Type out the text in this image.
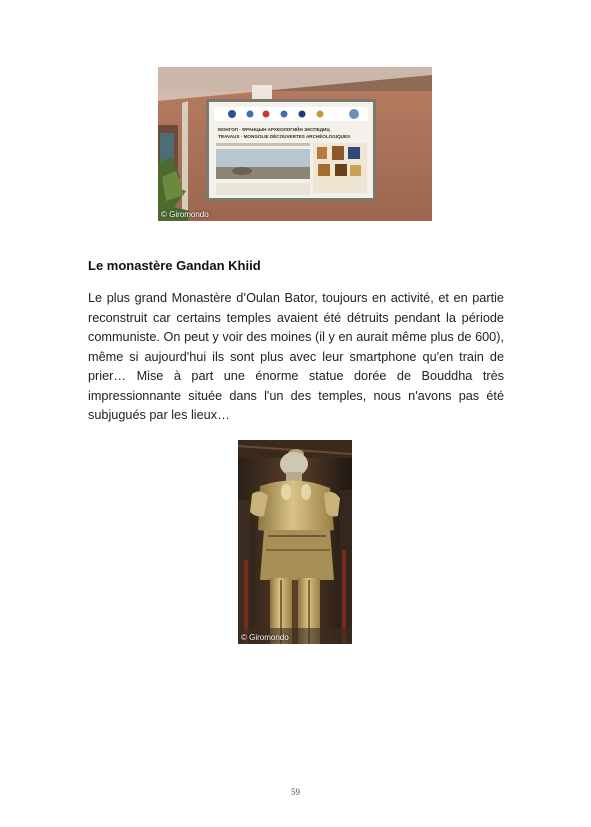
МОНГОЛ · ФРАНЦЫН АРХЕОЛОГИЙН ЭКСПЕДИЦ
TRAVAUX · MONGOLIE DÉCOUVERTES ARCHÉOLOGIQUES
© Giromondo
Le monastère Gandan Khiid

Le plus grand Monastère d’Oulan Bator, toujours en activité, et en partie reconstruit car certains temples avaient été détruits pendant la période communiste. On peut y voir des moines (il y en aurait même plus de 600), même si aujourd'hui ils sont plus avec leur smartphone qu'en train de prier… Mise à part une énorme statue dorée de Bouddha très impressionnante située dans l'un des temples, nous n'avons pas été subjugués par les lieux…

© Giromondo
59
